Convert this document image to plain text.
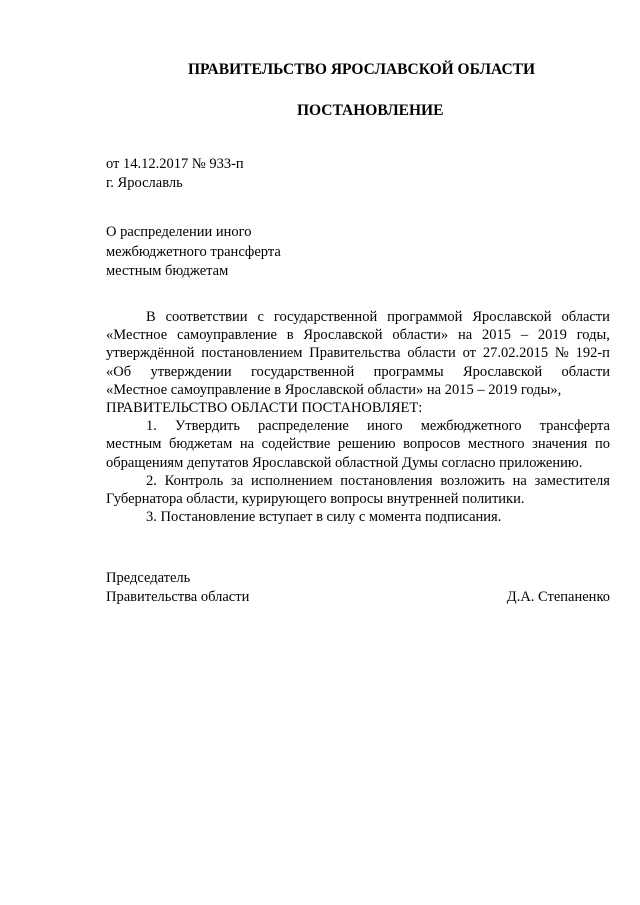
ПРАВИТЕЛЬСТВО ЯРОСЛАВСКОЙ ОБЛАСТИ
ПОСТАНОВЛЕНИЕ
от 14.12.2017 № 933-п
г. Ярославль
О распределении иного
межбюджетного трансферта
местным бюджетам
В соответствии с государственной программой Ярославской области
«Местное самоуправление в Ярославской области» на 2015 – 2019 годы,
утверждённой постановлением Правительства области от 27.02.2015 № 192-п
«Об утверждении государственной программы Ярославской области
«Местное самоуправление в Ярославской области» на 2015 – 2019 годы»,
ПРАВИТЕЛЬСТВО ОБЛАСТИ ПОСТАНОВЛЯЕТ:
1. Утвердить распределение иного межбюджетного трансферта
местным бюджетам на содействие решению вопросов местного значения по
обращениям депутатов Ярославской областной Думы согласно приложению.
2. Контроль за исполнением постановления возложить на заместителя
Губернатора области, курирующего вопросы внутренней политики.
3. Постановление вступает в силу с момента подписания.
Председатель
Правительства области	Д.А. Степаненко
